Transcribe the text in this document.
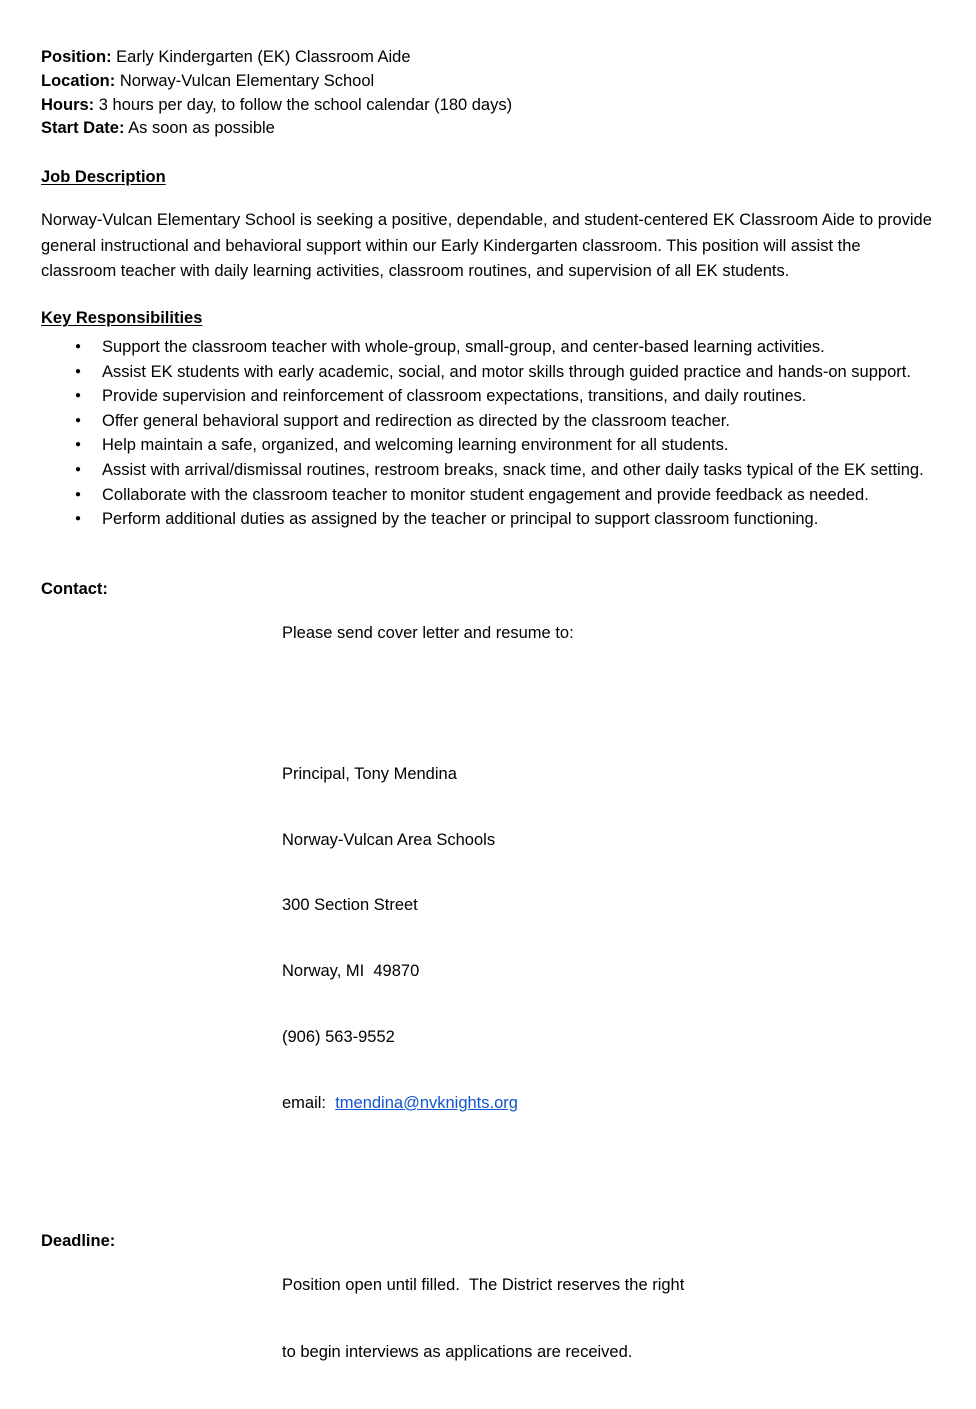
Position: Early Kindergarten (EK) Classroom Aide
Location: Norway-Vulcan Elementary School
Hours: 3 hours per day, to follow the school calendar (180 days)
Start Date: As soon as possible
Job Description
Norway-Vulcan Elementary School is seeking a positive, dependable, and student-centered EK Classroom Aide to provide general instructional and behavioral support within our Early Kindergarten classroom. This position will assist the classroom teacher with daily learning activities, classroom routines, and supervision of all EK students.
Key Responsibilities
● Support the classroom teacher with whole-group, small-group, and center-based learning activities.
● Assist EK students with early academic, social, and motor skills through guided practice and hands-on support.
● Provide supervision and reinforcement of classroom expectations, transitions, and daily routines.
● Offer general behavioral support and redirection as directed by the classroom teacher.
● Help maintain a safe, organized, and welcoming learning environment for all students.
● Assist with arrival/dismissal routines, restroom breaks, snack time, and other daily tasks typical of the EK setting.
● Collaborate with the classroom teacher to monitor student engagement and provide feedback as needed.
● Perform additional duties as assigned by the teacher or principal to support classroom functioning.
Contact:

Please send cover letter and resume to:

Principal, Tony Mendina

Norway-Vulcan Area Schools

300 Section Street

Norway, MI  49870

(906) 563-9552

email:  tmendina@nvknights.org

Deadline:

Position open until filled.  The District reserves the right

to begin interviews as applications are received.
